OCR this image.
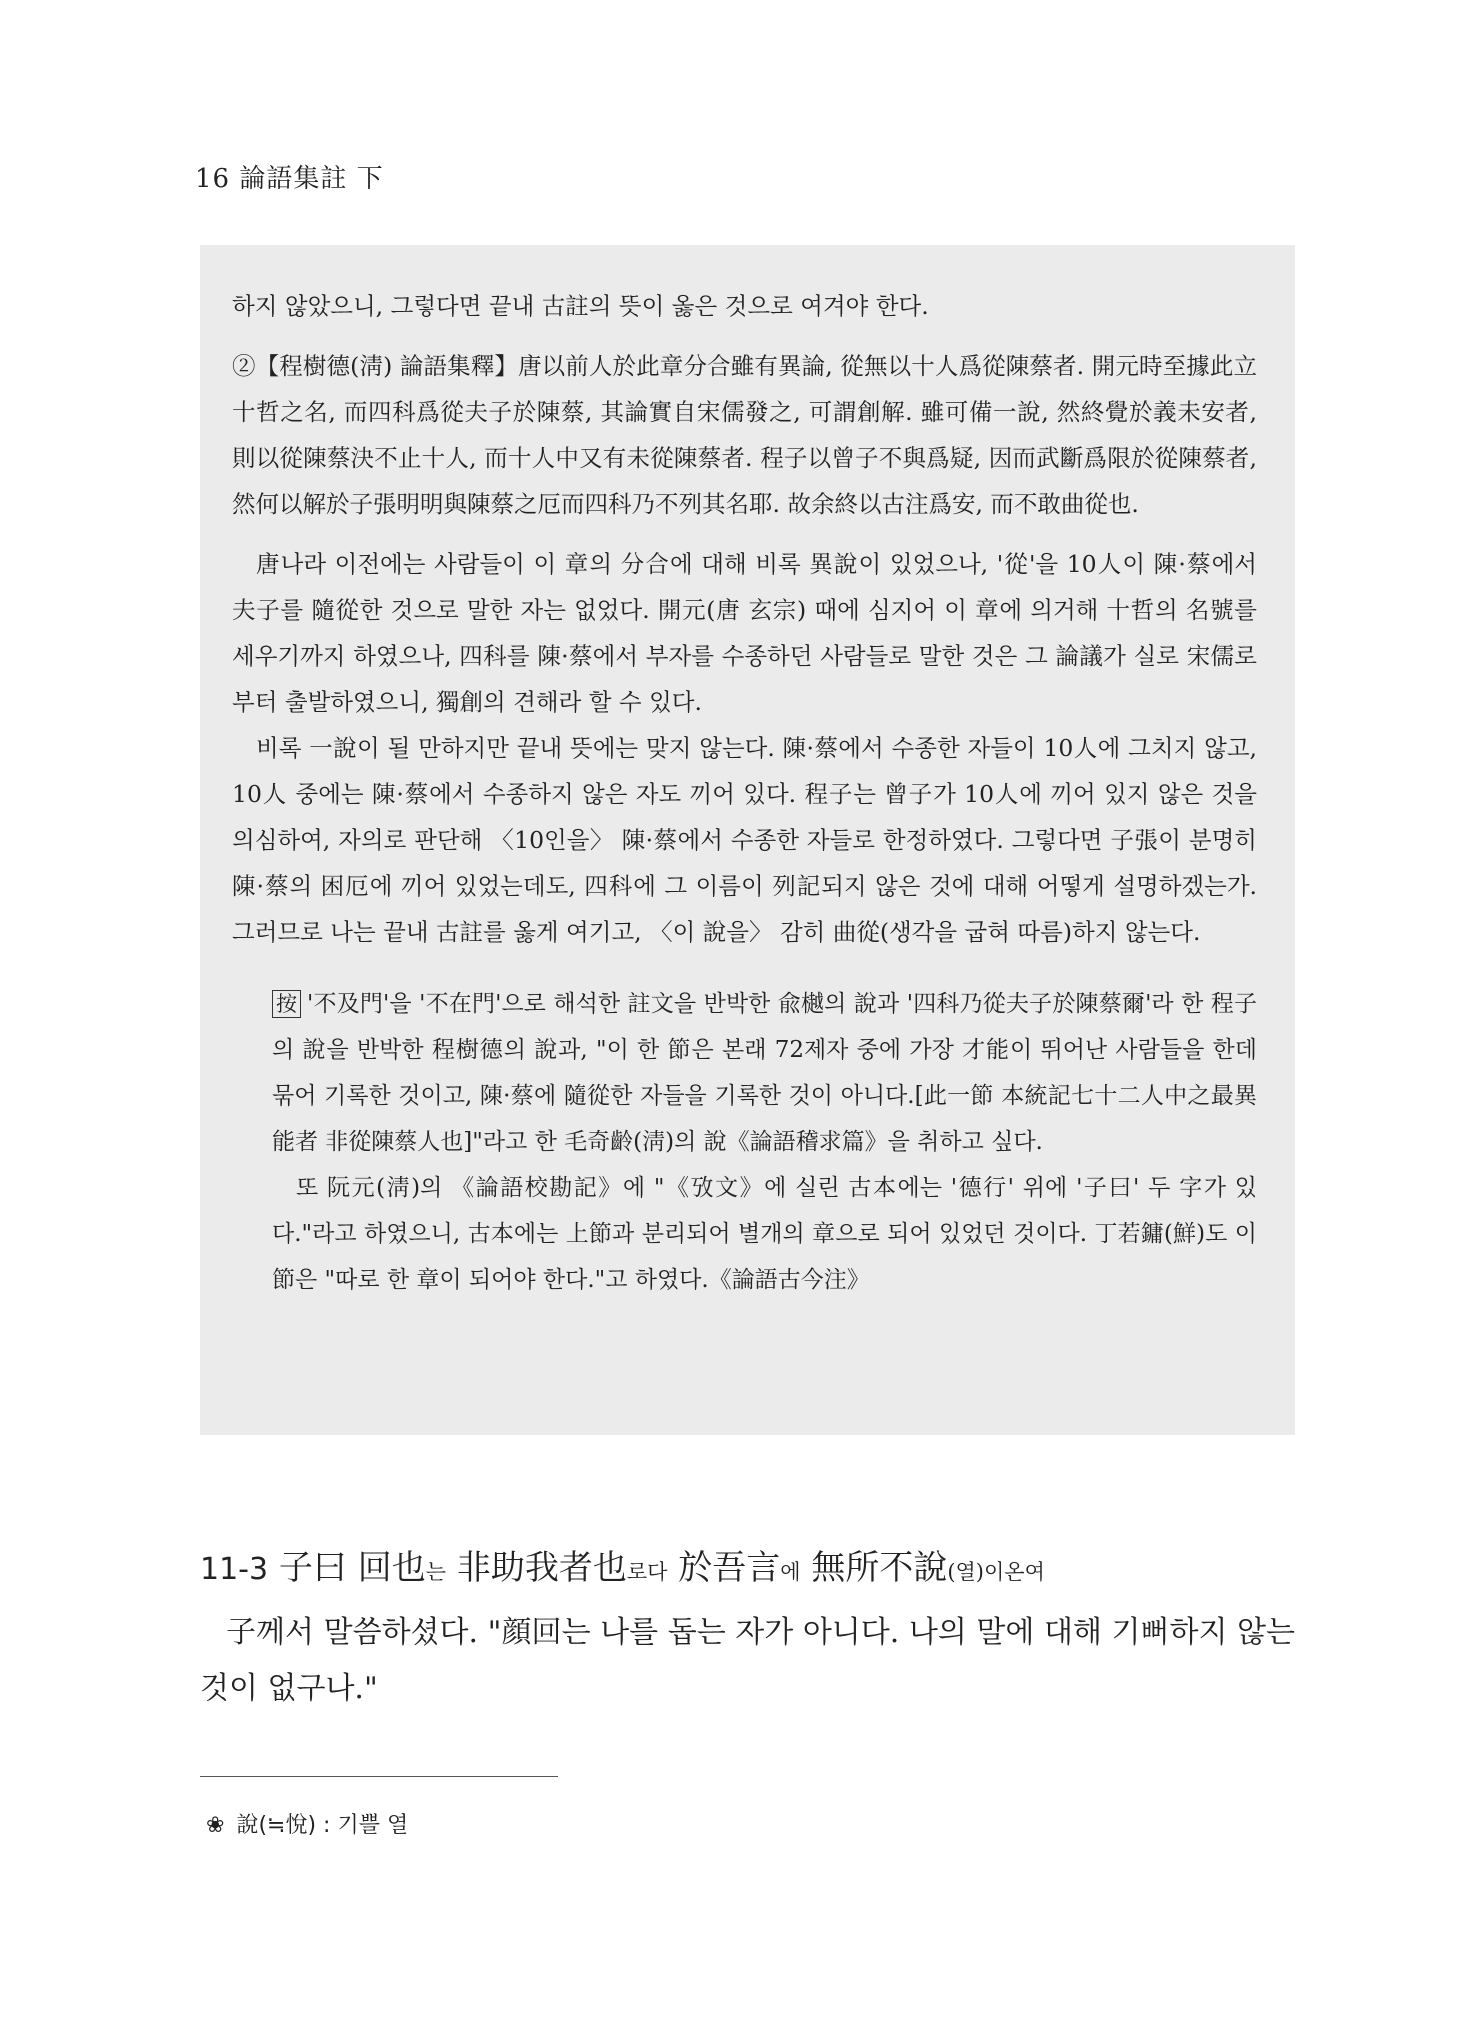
16 論語集註 下

하지 않았으니, 그렇다면 끝내 古註의 뜻이 옳은 것으로 여겨야 한다.

②【程樹德(淸) 論語集釋】唐以前人於此章分合雖有異論, 從無以十人爲從陳蔡者. 開元時至據此立十哲之名, 而四科爲從夫子於陳蔡, 其論實自宋儒發之, 可謂創解. 雖可備一說, 然終覺於義未安者, 則以從陳蔡決不止十人, 而十人中又有未從陳蔡者. 程子以曾子不與爲疑, 因而武斷爲限於從陳蔡者, 然何以解於子張明明與陳蔡之厄而四科乃不列其名耶. 故余終以古注爲安, 而不敢曲從也.

唐나라 이전에는 사람들이 이 章의 分合에 대해 비록 異說이 있었으나, '從'을 10人이 陳·蔡에서 夫子를 隨從한 것으로 말한 자는 없었다. 開元(唐 玄宗) 때에 심지어 이 章에 의거해 十哲의 名號를 세우기까지 하였으나, 四科를 陳·蔡에서 부자를 수종하던 사람들로 말한 것은 그 論議가 실로 宋儒로부터 출발하였으니, 獨創의 견해라 할 수 있다.

비록 一說이 될 만하지만 끝내 뜻에는 맞지 않는다. 陳·蔡에서 수종한 자들이 10人에 그치지 않고, 10人 중에는 陳·蔡에서 수종하지 않은 자도 끼어 있다. 程子는 曾子가 10人에 끼어 있지 않은 것을 의심하여, 자의로 판단해 〈10인을〉 陳·蔡에서 수종한 자들로 한정하였다. 그렇다면 子張이 분명히 陳·蔡의 困厄에 끼어 있었는데도, 四科에 그 이름이 列記되지 않은 것에 대해 어떻게 설명하겠는가. 그러므로 나는 끝내 古註를 옳게 여기고, 〈이 說을〉 감히 曲從(생각을 굽혀 따름)하지 않는다.

按 '不及門'을 '不在門'으로 해석한 註文을 반박한 兪樾의 說과 '四科乃從夫子於陳蔡爾'라 한 程子의 說을 반박한 程樹德의 說과, "이 한 節은 본래 72제자 중에 가장 才能이 뛰어난 사람들을 한데 묶어 기록한 것이고, 陳·蔡에 隨從한 자들을 기록한 것이 아니다.[此一節 本統記七十二人中之最異能者 非從陳蔡人也]"라고 한 毛奇齡(淸)의 說《論語稽求篇》을 취하고 싶다.

또 阮元(淸)의 《論語校勘記》에 "《攷文》에 실린 古本에는 '德行' 위에 '子曰' 두 字가 있다."라고 하였으니, 古本에는 上節과 분리되어 별개의 章으로 되어 있었던 것이다. 丁若鏞(鮮)도 이 節은 "따로 한 章이 되어야 한다."고 하였다.《論語古今注》

11-3 子曰 回也는 非助我者也로다 於吾言에 無所不說(열)이온여

子께서 말씀하셨다. "顔回는 나를 돕는 자가 아니다. 나의 말에 대해 기뻐하지 않는 것이 없구나."

❀ 說(≒悅) : 기쁠 열
